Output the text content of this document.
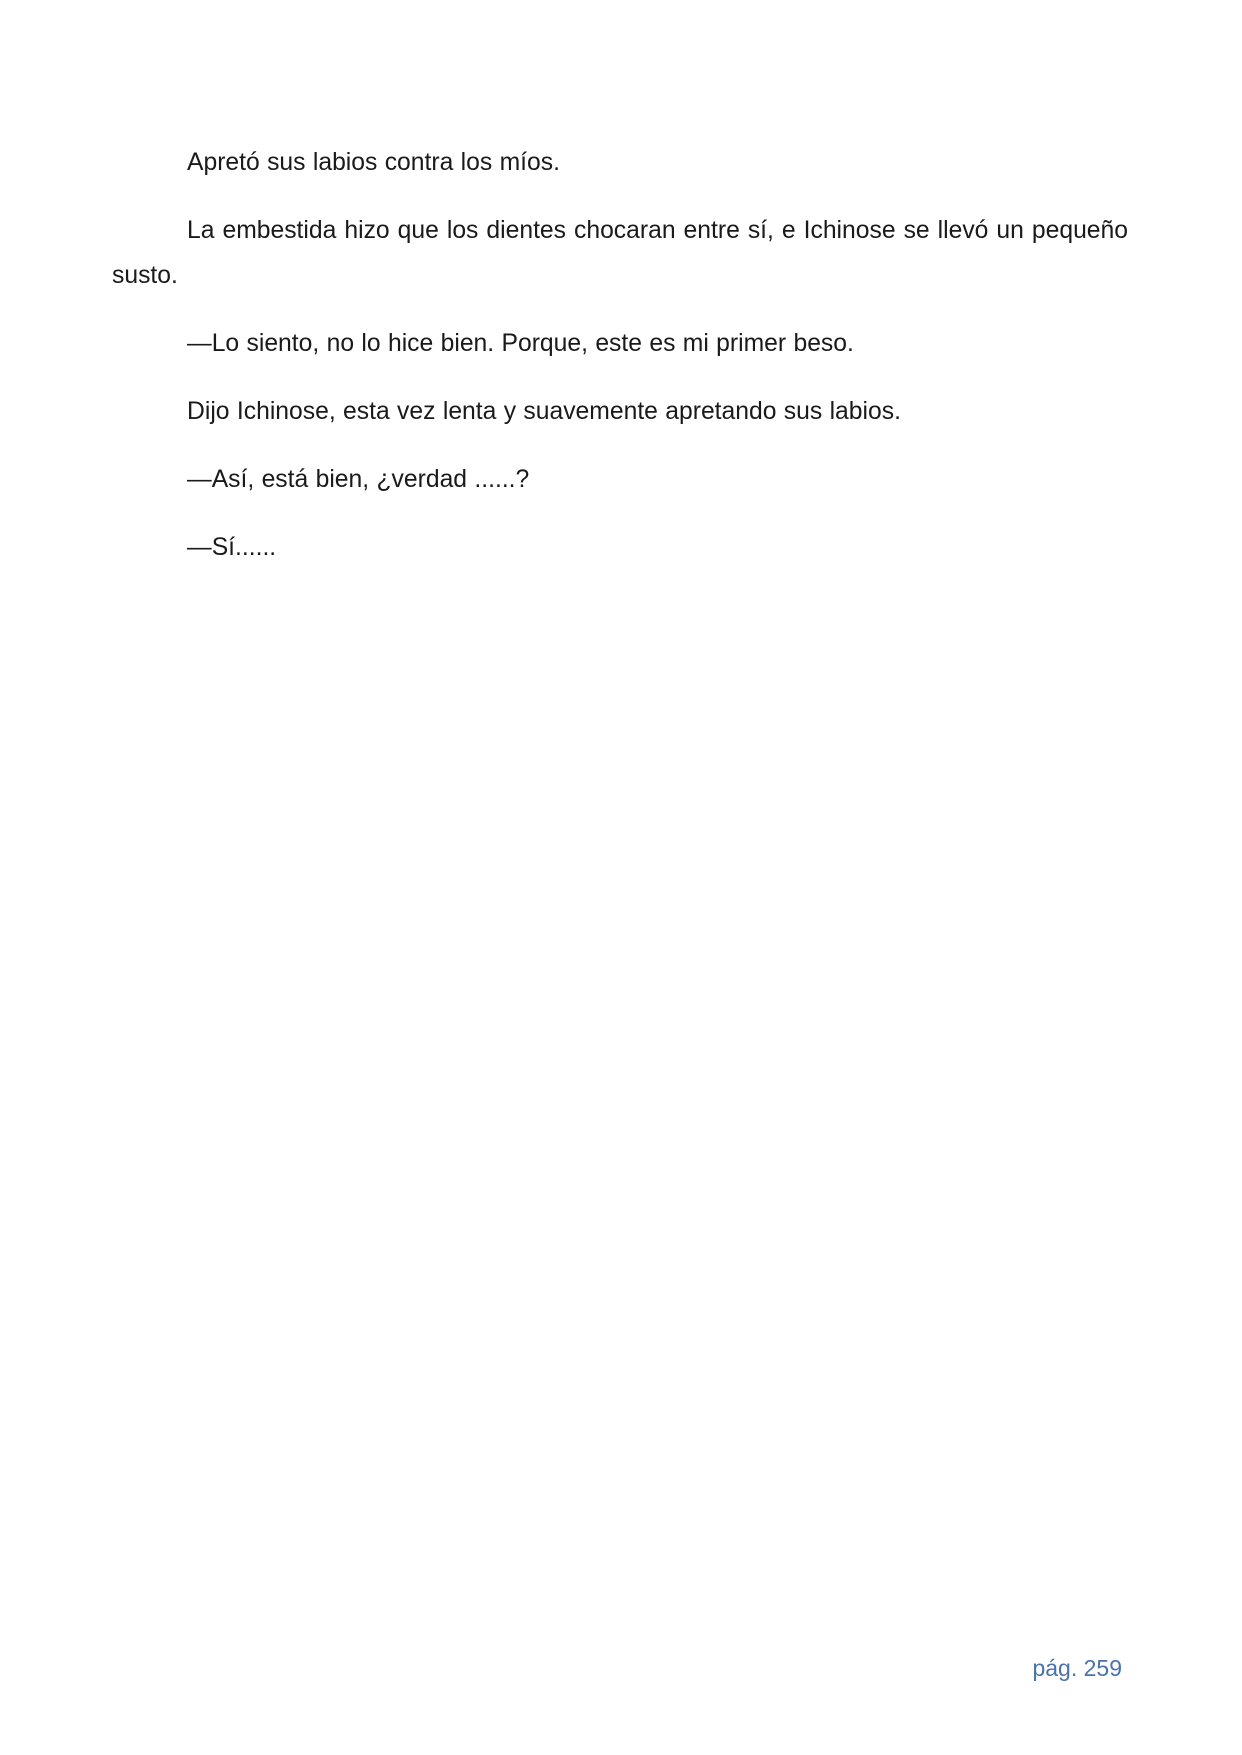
Apretó sus labios contra los míos.

La embestida hizo que los dientes chocaran entre sí, e Ichinose se llevó un pequeño susto.

—Lo siento, no lo hice bien. Porque, este es mi primer beso.

Dijo Ichinose, esta vez lenta y suavemente apretando sus labios.

—Así, está bien, ¿verdad ......?

—Sí......

pág. 259
